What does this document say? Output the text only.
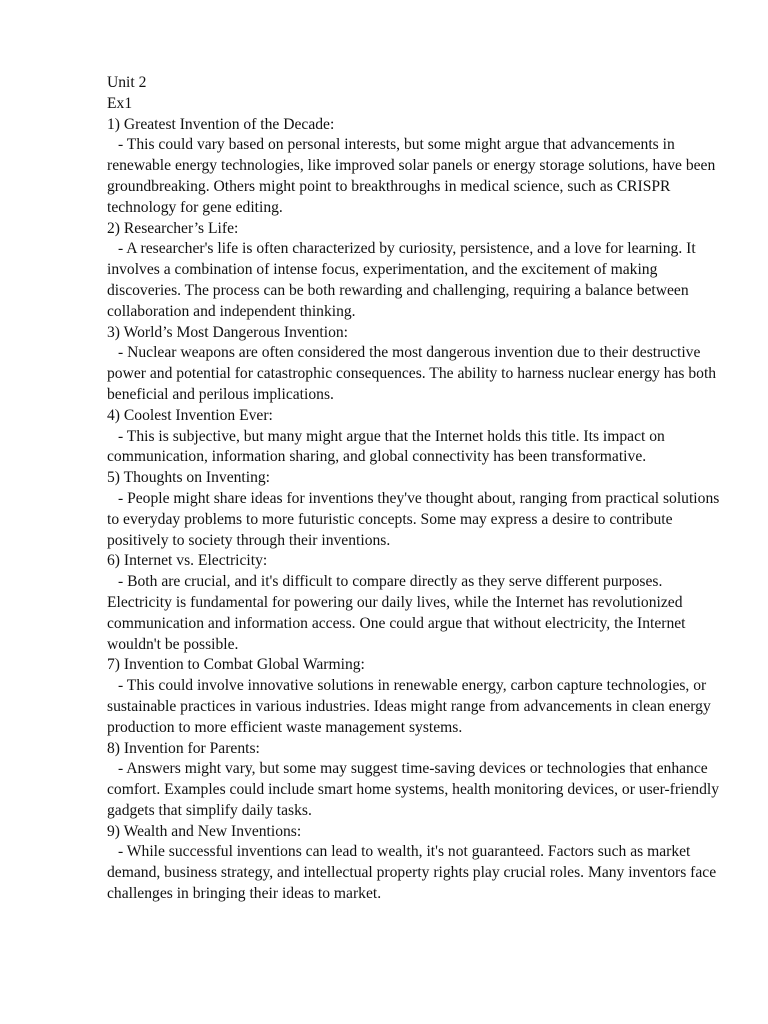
Unit 2

Ex1

1) Greatest Invention of the Decade:

- This could vary based on personal interests, but some might argue that advancements in renewable energy technologies, like improved solar panels or energy storage solutions, have been groundbreaking. Others might point to breakthroughs in medical science, such as CRISPR technology for gene editing.

2) Researcher’s Life:

- A researcher's life is often characterized by curiosity, persistence, and a love for learning. It involves a combination of intense focus, experimentation, and the excitement of making discoveries. The process can be both rewarding and challenging, requiring a balance between collaboration and independent thinking.

3) World’s Most Dangerous Invention:

- Nuclear weapons are often considered the most dangerous invention due to their destructive power and potential for catastrophic consequences. The ability to harness nuclear energy has both beneficial and perilous implications.

4) Coolest Invention Ever:

- This is subjective, but many might argue that the Internet holds this title. Its impact on communication, information sharing, and global connectivity has been transformative.

5) Thoughts on Inventing:

- People might share ideas for inventions they've thought about, ranging from practical solutions to everyday problems to more futuristic concepts. Some may express a desire to contribute positively to society through their inventions.

6) Internet vs. Electricity:

- Both are crucial, and it's difficult to compare directly as they serve different purposes. Electricity is fundamental for powering our daily lives, while the Internet has revolutionized communication and information access. One could argue that without electricity, the Internet wouldn't be possible.

7) Invention to Combat Global Warming:

- This could involve innovative solutions in renewable energy, carbon capture technologies, or sustainable practices in various industries. Ideas might range from advancements in clean energy production to more efficient waste management systems.

8) Invention for Parents:

- Answers might vary, but some may suggest time-saving devices or technologies that enhance comfort. Examples could include smart home systems, health monitoring devices, or user-friendly gadgets that simplify daily tasks.

9) Wealth and New Inventions:

- While successful inventions can lead to wealth, it's not guaranteed. Factors such as market demand, business strategy, and intellectual property rights play crucial roles. Many inventors face challenges in bringing their ideas to market.
